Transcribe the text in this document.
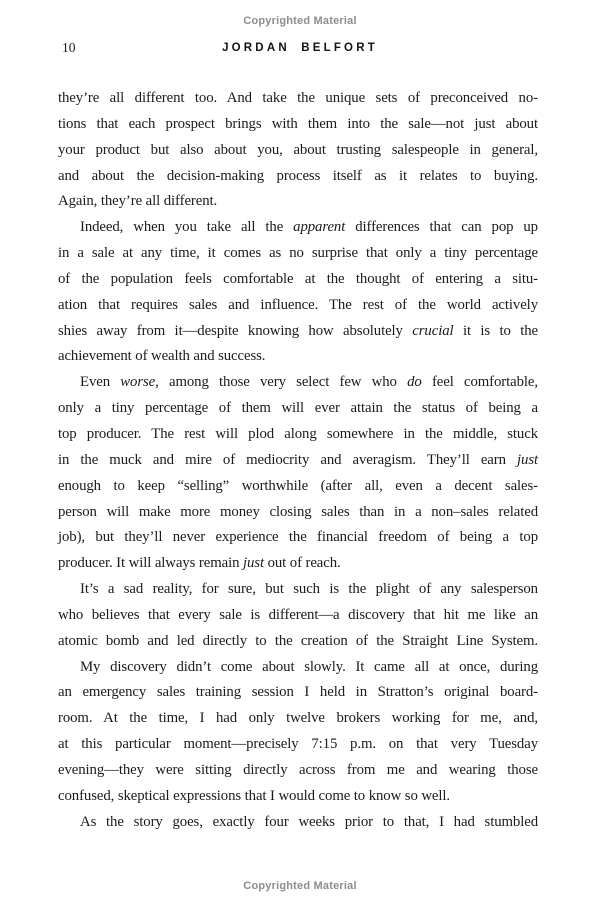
Copyrighted Material
10	JORDAN BELFORT
they’re all different too. And take the unique sets of preconceived no-
tions that each prospect brings with them into the sale—not just about
your product but also about you, about trusting salespeople in general,
and about the decision-making process itself as it relates to buying.
Again, they’re all different.
Indeed, when you take all the apparent differences that can pop up
in a sale at any time, it comes as no surprise that only a tiny percentage
of the population feels comfortable at the thought of entering a situ-
ation that requires sales and influence. The rest of the world actively
shies away from it—despite knowing how absolutely crucial it is to the
achievement of wealth and success.
Even worse, among those very select few who do feel comfortable,
only a tiny percentage of them will ever attain the status of being a
top producer. The rest will plod along somewhere in the middle, stuck
in the muck and mire of mediocrity and averagism. They’ll earn just
enough to keep “selling” worthwhile (after all, even a decent sales-
person will make more money closing sales than in a non–sales related
job), but they’ll never experience the financial freedom of being a top
producer. It will always remain just out of reach.
It’s a sad reality, for sure, but such is the plight of any salesperson
who believes that every sale is different—a discovery that hit me like an
atomic bomb and led directly to the creation of the Straight Line System.
My discovery didn’t come about slowly. It came all at once, during
an emergency sales training session I held in Stratton’s original board-
room. At the time, I had only twelve brokers working for me, and,
at this particular moment—precisely 7:15 p.m. on that very Tuesday
evening—they were sitting directly across from me and wearing those
confused, skeptical expressions that I would come to know so well.
As the story goes, exactly four weeks prior to that, I had stumbled
Copyrighted Material
